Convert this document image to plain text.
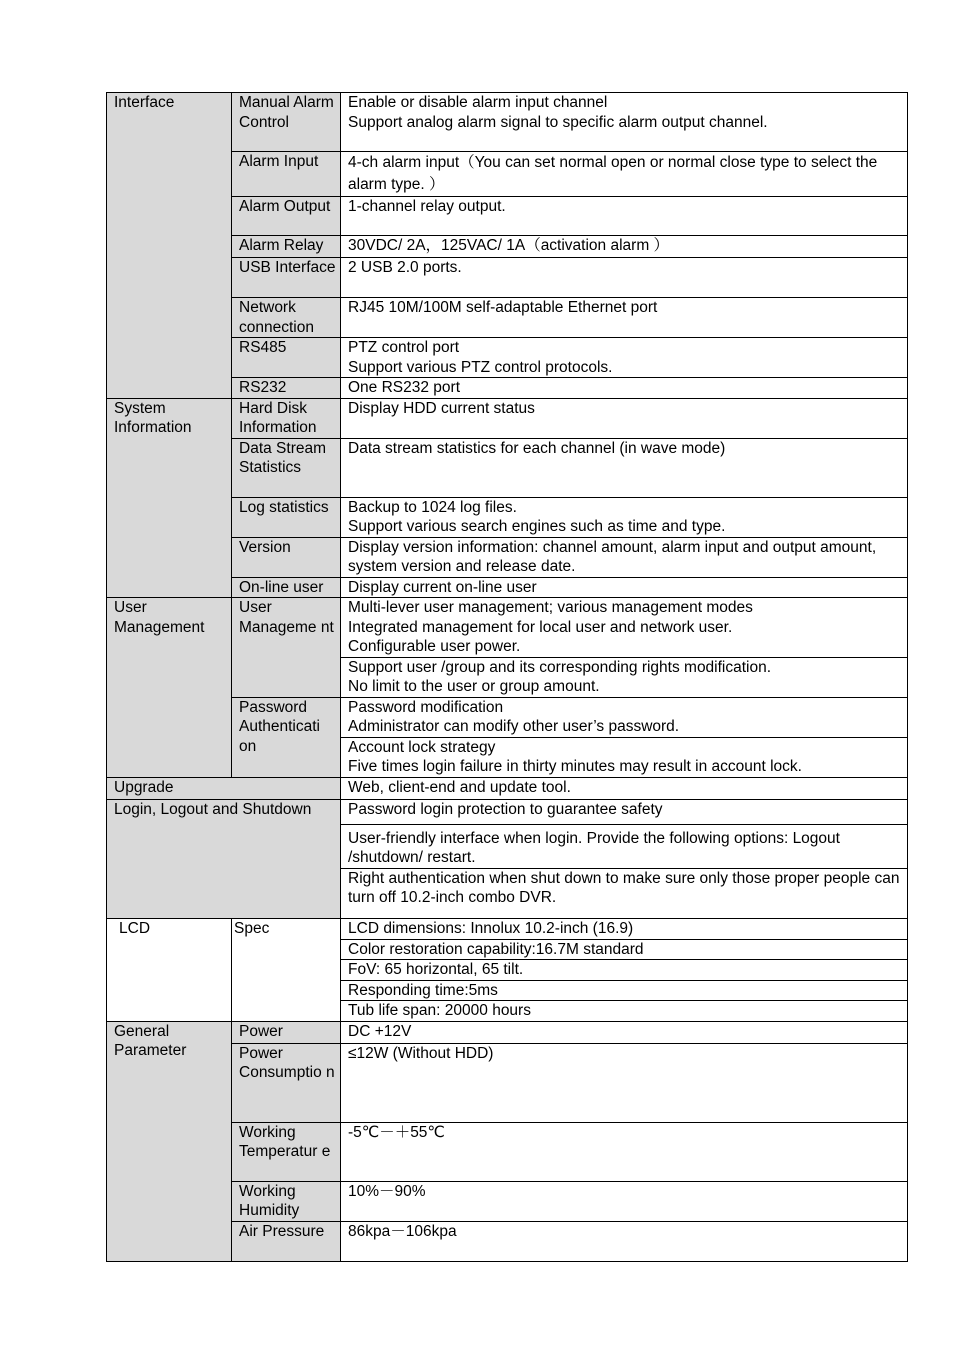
Interface	Manual Alarm Control	Enable or disable alarm input channel
Support analog alarm signal to specific alarm output channel.

	Alarm Input	4-ch alarm input（You can set normal open or normal close type to select the alarm type. ）

	Alarm Output	1-channel relay output.

	Alarm Relay	30VDC/ 2A，125VAC/ 1A（activation alarm ）

	USB Interface	2 USB 2.0 ports.

	Network connection	RJ45 10M/100M self-adaptable Ethernet port

	RS485	PTZ control port
Support various PTZ control protocols.

	RS232	One RS232 port

System Information	Hard Disk Information	Display HDD current status

	Data Stream Statistics	Data stream statistics for each channel (in wave mode)

	Log statistics	Backup to 1024 log files.
Support various search engines such as time and type.

	Version	Display version information: channel amount, alarm input and output amount, system version and release date.

	On-line user	Display current on-line user

User Management	User Manageme nt	Multi-lever user management; various management modes
Integrated management for local user and network user.
Configurable user power.

		Support user /group and its corresponding rights modification.
No limit to the user or group amount.

	Password Authenticati on	Password modification
Administrator can modify other user’s password.

		Account lock strategy
Five times login failure in thirty minutes may result in account lock.

Upgrade		Web, client-end and update tool.

Login, Logout and Shutdown		Password login protection to guarantee safety

		User-friendly interface when login. Provide the following options: Logout /shutdown/ restart.

		Right authentication when shut down to make sure only those proper people can turn off 10.2-inch combo DVR.

LCD	Spec	LCD dimensions: Innolux 10.2-inch (16.9)

		Color restoration capability:16.7M standard

		FoV: 65 horizontal, 65 tilt.

		Responding time:5ms

		Tub life span: 20000 hours

General Parameter	Power	DC +12V

	Power Consumptio n	≤12W (Without HDD)

	Working Temperatur e	-5℃－＋55℃

	Working Humidity	10%－90%

	Air Pressure	86kpa－106kpa
